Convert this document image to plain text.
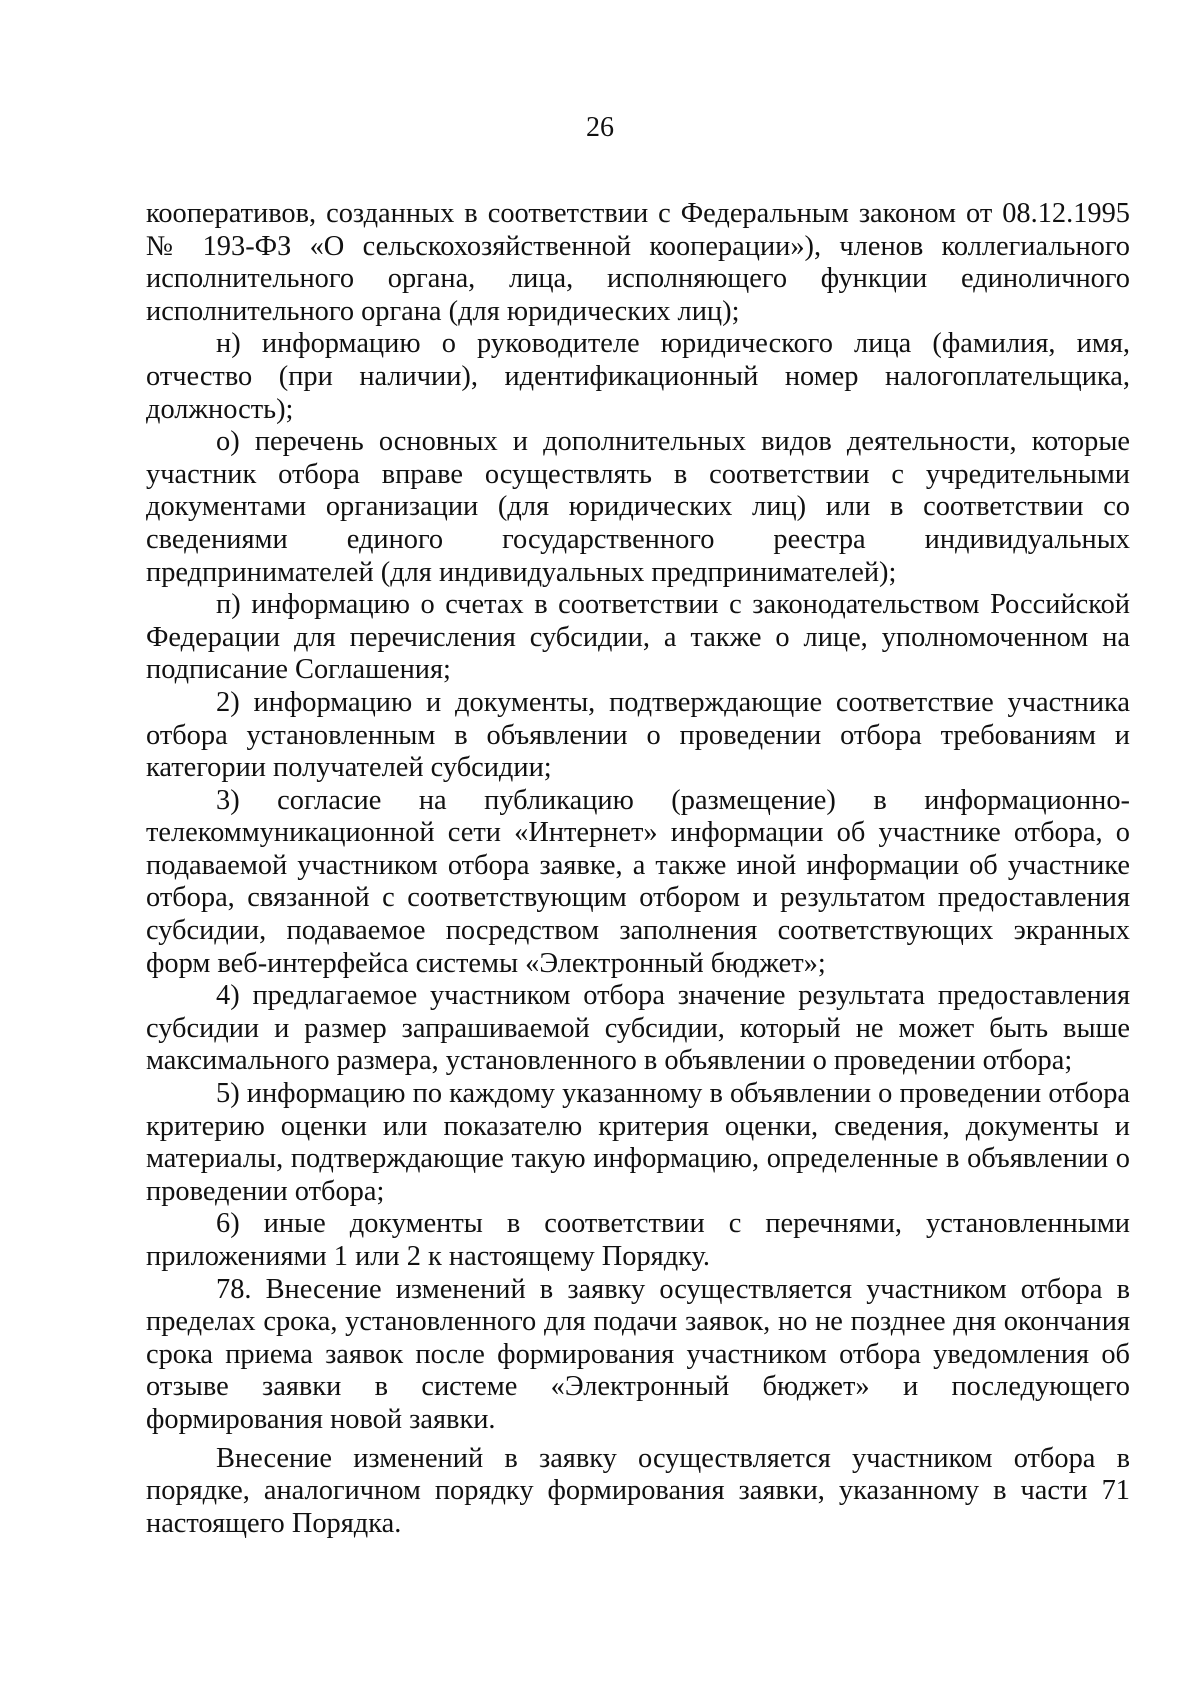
26

кооперативов, созданных в соответствии с Федеральным законом от 08.12.1995 № 193-ФЗ «О сельскохозяйственной кооперации»), членов коллегиального исполнительного органа, лица, исполняющего функции единоличного исполнительного органа (для юридических лиц);

н) информацию о руководителе юридического лица (фамилия, имя, отчество (при наличии), идентификационный номер налогоплательщика, должность);

о) перечень основных и дополнительных видов деятельности, которые участник отбора вправе осуществлять в соответствии с учредительными документами организации (для юридических лиц) или в соответствии со сведениями единого государственного реестра индивидуальных предпринимателей (для индивидуальных предпринимателей);

п) информацию о счетах в соответствии с законодательством Российской Федерации для перечисления субсидии, а также о лице, уполномоченном на подписание Соглашения;

2) информацию и документы, подтверждающие соответствие участника отбора установленным в объявлении о проведении отбора требованиям и категории получателей субсидии;

3) согласие на публикацию (размещение) в информационно-телекоммуникационной сети «Интернет» информации об участнике отбора, о подаваемой участником отбора заявке, а также иной информации об участнике отбора, связанной с соответствующим отбором и результатом предоставления субсидии, подаваемое посредством заполнения соответствующих экранных форм веб-интерфейса системы «Электронный бюджет»;

4) предлагаемое участником отбора значение результата предоставления субсидии и размер запрашиваемой субсидии, который не может быть выше максимального размера, установленного в объявлении о проведении отбора;

5) информацию по каждому указанному в объявлении о проведении отбора критерию оценки или показателю критерия оценки, сведения, документы и материалы, подтверждающие такую информацию, определенные в объявлении о проведении отбора;

6) иные документы в соответствии с перечнями, установленными приложениями 1 или 2 к настоящему Порядку.

78. Внесение изменений в заявку осуществляется участником отбора в пределах срока, установленного для подачи заявок, но не позднее дня окончания срока приема заявок после формирования участником отбора уведомления об отзыве заявки в системе «Электронный бюджет» и последующего формирования новой заявки.

Внесение изменений в заявку осуществляется участником отбора в порядке, аналогичном порядку формирования заявки, указанному в части 71 настоящего Порядка.
